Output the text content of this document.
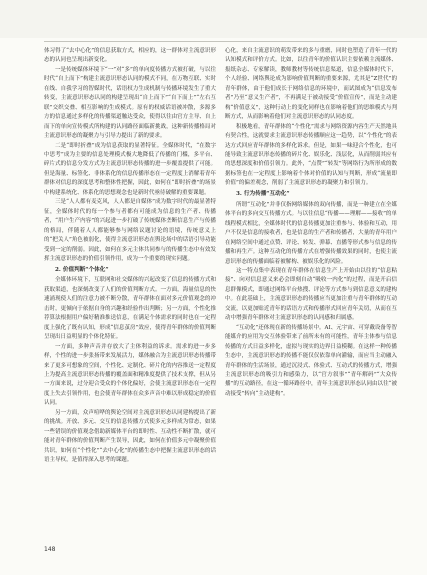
体习得了“去中心化”的信息获取方式，相应的，这一群体对主流意识形态的认同也呈现出新变化。

一是传统媒体环境下“一”对“多”的单向度传播方式被打破，与以往时代“自上而下”构建主流意识形态认同的模式不同，在万物互联、实时在线、自我学习的智媒时代，话语权力生成机制与传播环境发生了重大转变，主流意识形态认同的构建呈现出“自上而下”“自下而上”“左右互联”交织交叠、相互影响的生成模式。原有的权威话语被冲散，多源多方的信息通过多样化的传播渠道触达受众，使得以往由官方主导、自上而下的单向宣传模式所构建的认同路径面临新挑战，这种新传播格局对主流意识形态的凝聚力与引导力提出了新的要求。

二是“即时折叠”成为信息获取的显著特征。全媒体时代，“在数字中思考”成为主要的信息处理模式极大地降低了传播的门槛，多平台、碎片式的信息分发方式为主流意识形态传播的进一步覆盖提供了可能。但是海量、标签化、非体系化的信息传播形态在一定程度上消解着青年群体对信息的深度思考和整体性把握，因此，如何在“即时折叠”的场景中构建系统化、体系化的思想观念也是新时代亟待破解的重要课题。

三是“人人都有麦克风，人人都是自媒体”成为数字时代的最显著特征，全媒体时代的每一个参与者都有可能成为信息的生产者、传播者，“用户生产内容”的兴起进一步打破了传统媒体垄断信息生产与传播的格局，伴随着人人都能够参与网络议题讨论的语境，传统意义上的“把关人”角色被弱化，使得主流意识形态在舆论场中的话语引导功能受到一定的削弱。因此，如何在多元主体共同参与的传播生态中有效发挥主流意识形态的价值引领作用，成为一个重要的现实问题。

2. 价值判断“个体化”

全媒体环境下，互联网和社交媒体的兴起改变了信息的传播方式和获取渠道，也深刻改变了人们的价值判断方式。一方面，海量信息的快速涌现使人们的注意力被不断分散，青年群体在面对多元价值观念的冲击时，更倾向于依据自身的兴趣和经验作出判断；另一方面，个性化推荐算法根据用户偏好精准推送信息，在满足个体需求的同时也在一定程度上强化了既有认知，形成“信息茧房”效应，使得青年群体的价值判断呈现出日益明显的个体化特征。

一方面，多种声音并存放大了主体利益的诉求。需求的进一步多样，个性的进一步张扬带来发展活力，媒体融合为主流意识形态传播带来了更多可想象的空间，个性化、定制化、碎片化的内容推送一定程度上为提高主流意识形态传播的覆盖面和精准度提供了技术支撑，但从另一方面来说，过分迎合受众的个体化偏好，会使主流意识形态在一定程度上失去引领作用，也会使青年群体在众多声音中难以形成稳定的价值认同。

另一方面，众声喧哗的舆论空间对主流意识形态认同建构提出了新的挑战。开放、多元、交互的信息传播方式使多元多样成为常态，如果一些错误的价值观念借助新媒体平台的即时性、互动性不断扩散，就可能对青年群体的价值判断产生误导，因此，如何在价值多元中凝聚价值共识，如何在“个性化”“去中心化”的传播生态中把握主流意识形态的话语主导权，是值得深入思考的课题。

心化，来自主流意识的萌发带来的多与重磨，同时也塑造了青年一代的认知模式和评价方式。比如，以往青年的价值认识主要依赖主流媒体、报纸杂志、专家解读，教师教材等传统信息渠道，信息全媒体时代下，个人经验、网络舆论成为影响价值判断的重要来源，尤其是“Z世代”的青年群体，由于他们成长于网络信息的环境中，而试图成为“信息发布者”乃至“意义生产者”，不再满足于被动接受“价值宣传”，而是主动建构“价值意义”，这种行动上的变化同样也在影响着他们的思维模式与判断方式，从而影响着他们对主流意识形态的认同态度。

积极地看，青年群体的“个性化”需求与网络资源内容生产天然地具有契合性，这就要求主流意识形态传播顺应这一趋势，以“个性化”的表达方式回应青年群体的多样化诉求。但是，如果一味迎合个性化，也可能导致主流意识形态传播的碎片化、娱乐化、浅层化，从而削弱其应有的思想深度和价值引领力。此外，“点赞”“转发”等网络行为所形成的数据标签也在一定程度上影响着个体对价值的认知与判断，形成“流量即价值”的偏差观念，削弱了主流意识形态的凝聚力和引领力。

3. 行为传播“互动化”

所谓“互动化”并非仅指网络媒体的双向传播，而是一种建立在全媒体平台的多向交互传播方式。与以往信息“传播——理解——接收”的单线程模式相比，全媒体时代的信息传播更加注重参与、体验和互动，用户不仅是信息的接收者，也是信息的生产者和传播者，大量的青年用户在网络空间中通过点赞、评论、转发、弹幕、直播等形式参与信息的传播和再生产。这种互动化的传播方式在增强传播效果的同时，也使主流意识形态的传播面临着被解构、被娱乐化的风险。

这一特点集中表现在青年群体在信息生产上开始由以往的“信息粘接”、向对信息意义来必会即刻自动“吸收一内化”的过程，而是开启信息群像模式，即通过网络平台热搜、评论等方式参与到信息意义的建构中。在此基础上，主流意识形态的传播应当更加注重与青年群体的互动交流，以更加贴近青年的话语方式和传播形式回应青年关切，从而在互动中增强青年群体对主流意识形态的认同感和归属感。

“互动化”还体现在新的传播场景中。AI、元宇宙、可穿戴设备等智能媒介的应用为交互体验带来了前所未有的可能性，青年主体参与信息传播的方式日益多样化，虚拟与现实的边界日益模糊。在这样一种传播生态中，主流意识形态的传播不能仅仅依靠单向灌输，而应当主动融入青年群体的生活场景，通过沉浸式、体验式、互动式的传播方式，增强主流意识形态的吸引力和感染力，以“官方叙事”“青年解码”“大众传播”的互动路径，在这一循环路径中，青年主流意识形态认同由以往“被动接受”转向“主动建构”。

148
